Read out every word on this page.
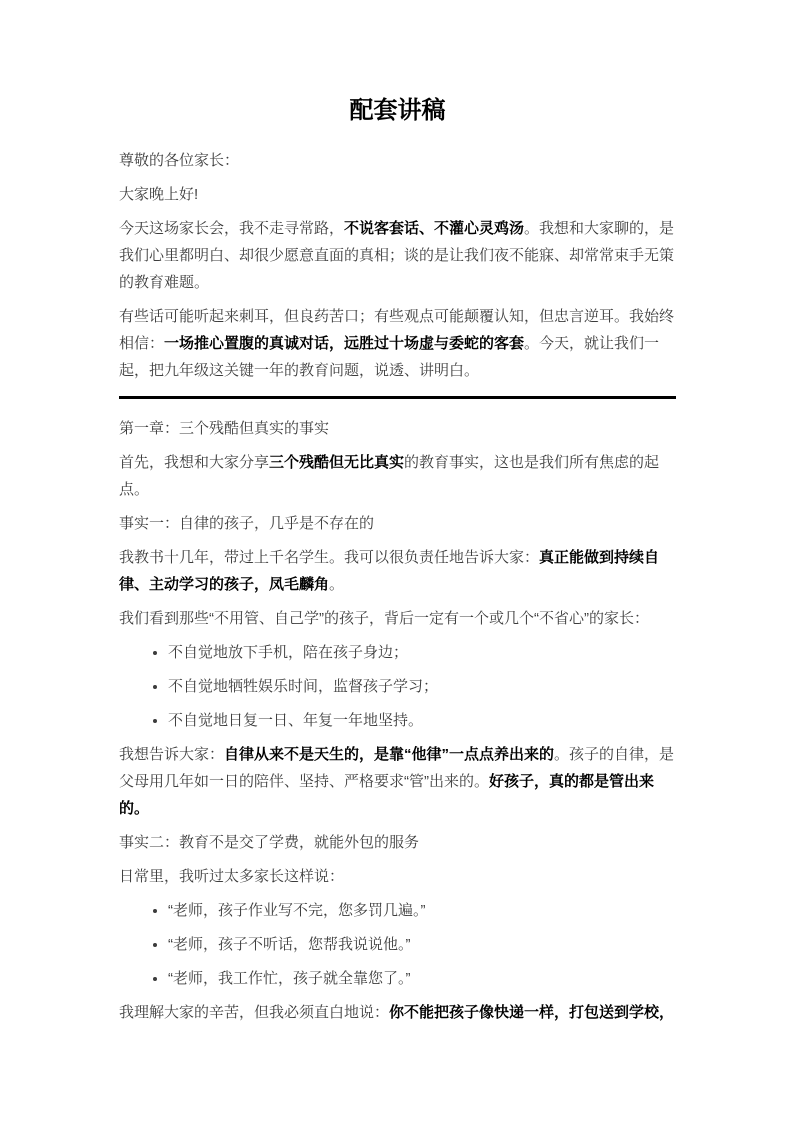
配套讲稿

尊敬的各位家长：

大家晚上好!

今天这场家长会，我不走寻常路，不说客套话、不灌心灵鸡汤。我想和大家聊的，是我们心里都明白、却很少愿意直面的真相；谈的是让我们夜不能寐、却常常束手无策的教育难题。

有些话可能听起来刺耳，但良药苦口；有些观点可能颠覆认知，但忠言逆耳。我始终相信：一场推心置腹的真诚对话，远胜过十场虚与委蛇的客套。今天，就让我们一起，把九年级这关键一年的教育问题，说透、讲明白。

第一章：三个残酷但真实的事实

首先，我想和大家分享三个残酷但无比真实的教育事实，这也是我们所有焦虑的起点。

事实一：自律的孩子，几乎是不存在的

我教书十几年，带过上千名学生。我可以很负责任地告诉大家：真正能做到持续自律、主动学习的孩子，凤毛麟角。

我们看到那些“不用管、自己学”的孩子，背后一定有一个或几个“不省心”的家长：

• 不自觉地放下手机，陪在孩子身边；
• 不自觉地牺牲娱乐时间，监督孩子学习；
• 不自觉地日复一日、年复一年地坚持。

我想告诉大家：自律从来不是天生的，是靠“他律”一点点养出来的。孩子的自律，是父母用几年如一日的陪伴、坚持、严格要求“管”出来的。好孩子，真的都是管出来的。

事实二：教育不是交了学费，就能外包的服务

日常里，我听过太多家长这样说：

• “老师，孩子作业写不完，您多罚几遍。”
• “老师，孩子不听话，您帮我说说他。”
• “老师，我工作忙，孩子就全靠您了。”

我理解大家的辛苦，但我必须直白地说：你不能把孩子像快递一样，打包送到学校，
